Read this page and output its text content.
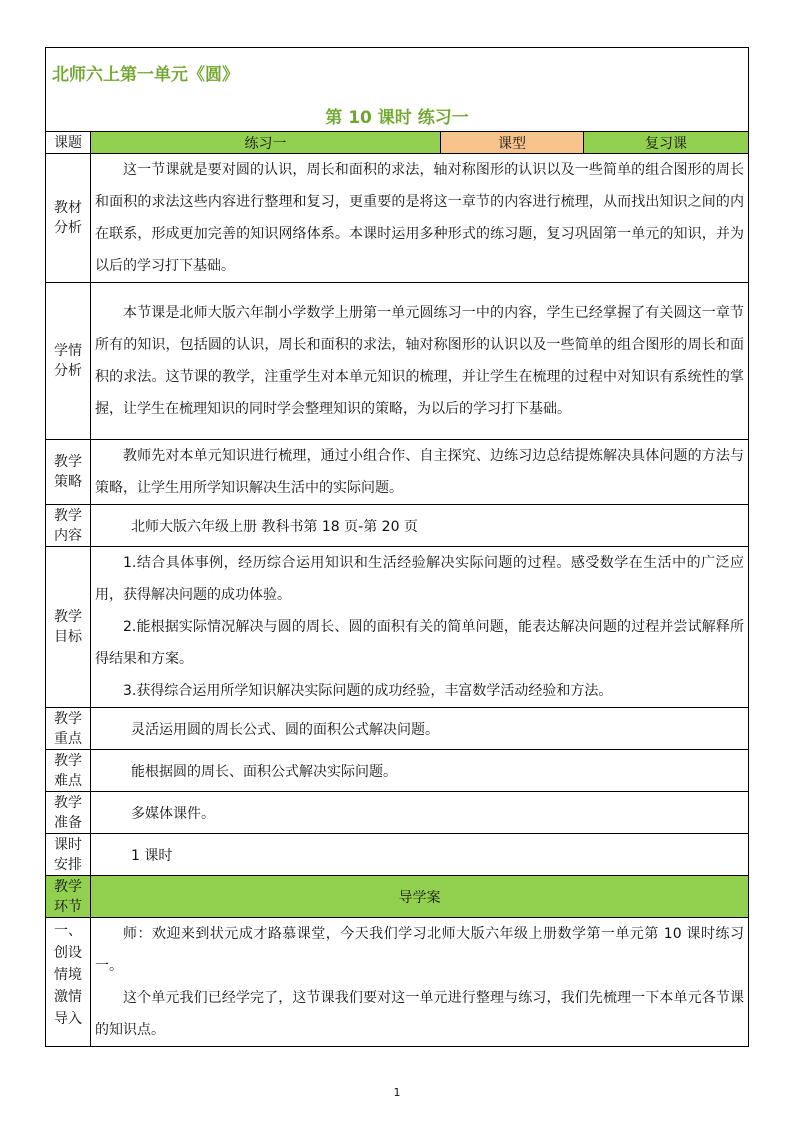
北师六上第一单元《圆》
第 10 课时 练习一			

课题	练习一	课型	复习课

教材分析	这一节课就是要对圆的认识，周长和面积的求法，轴对称图形的认识以及一些简单的组合图形的周长和面积的求法这些内容进行整理和复习，更重要的是将这一章节的内容进行梳理，从而找出知识之间的内在联系，形成更加完善的知识网络体系。本课时运用多种形式的练习题，复习巩固第一单元的知识，并为以后的学习打下基础。		

学情分析	本节课是北师大版六年制小学数学上册第一单元圆练习一中的内容，学生已经掌握了有关圆这一章节所有的知识，包括圆的认识，周长和面积的求法，轴对称图形的认识以及一些简单的组合图形的周长和面积的求法。这节课的教学，注重学生对本单元知识的梳理，并让学生在梳理的过程中对知识有系统性的掌握，让学生在梳理知识的同时学会整理知识的策略，为以后的学习打下基础。		

教学策略	教师先对本单元知识进行梳理，通过小组合作、自主探究、边练习边总结提炼解决具体问题的方法与策略，让学生用所学知识解决生活中的实际问题。		

教学内容	北师大版六年级上册 教科书第 18 页-第 20 页		

教学目标	1.结合具体事例，经历综合运用知识和生活经验解决实际问题的过程。感受数学在生活中的广泛应用，获得解决问题的成功体验。

2.能根据实际情况解决与圆的周长、圆的面积有关的简单问题，能表达解决问题的过程并尝试解释所得结果和方案。

3.获得综合运用所学知识解决实际问题的成功经验，丰富数学活动经验和方法。		

教学重点	灵活运用圆的周长公式、圆的面积公式解决问题。		

教学难点	能根据圆的周长、面积公式解决实际问题。		

教学准备	多媒体课件。		

课时安排	1 课时		

教学环节	导学案		

一、创设情境激情导入	师：欢迎来到状元成才路慕课堂，今天我们学习北师大版六年级上册数学第一单元第 10 课时练习一。

这个单元我们已经学完了，这节课我们要对这一单元进行整理与练习，我们先梳理一下本单元各节课的知识点。		

1
